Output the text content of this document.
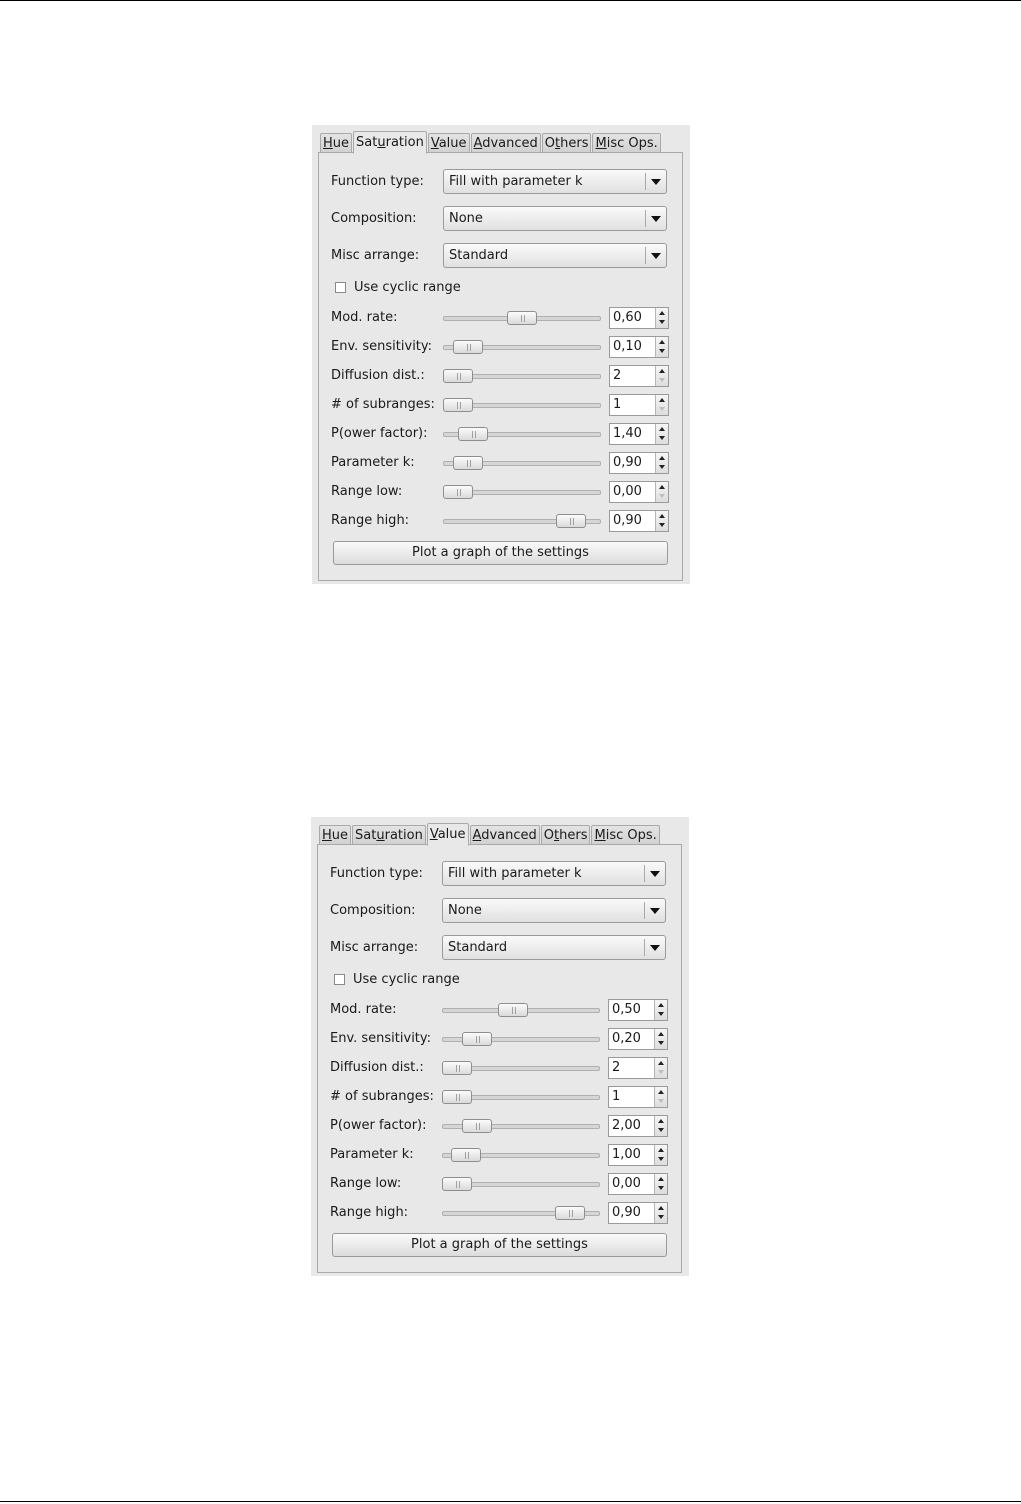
Hue Saturation Value Advanced Others Misc Ops.
Function type: Fill with parameter k
Composition: None
Misc arrange: Standard
Use cyclic range
Mod. rate:	0,60
Env. sensitivity:	0,10
Diffusion dist.:	2
# of subranges:	1
P(ower factor):	1,40
Parameter k:	0,90
Range low:	0,00
Range high:	0,90
Plot a graph of the settings
Hue Saturation Value Advanced Others Misc Ops.
Function type: Fill with parameter k
Composition: None
Misc arrange: Standard
Use cyclic range
Mod. rate:	0,50
Env. sensitivity:	0,20
Diffusion dist.:	2
# of subranges:	1
P(ower factor):	2,00
Parameter k:	1,00
Range low:	0,00
Range high:	0,90
Plot a graph of the settings
